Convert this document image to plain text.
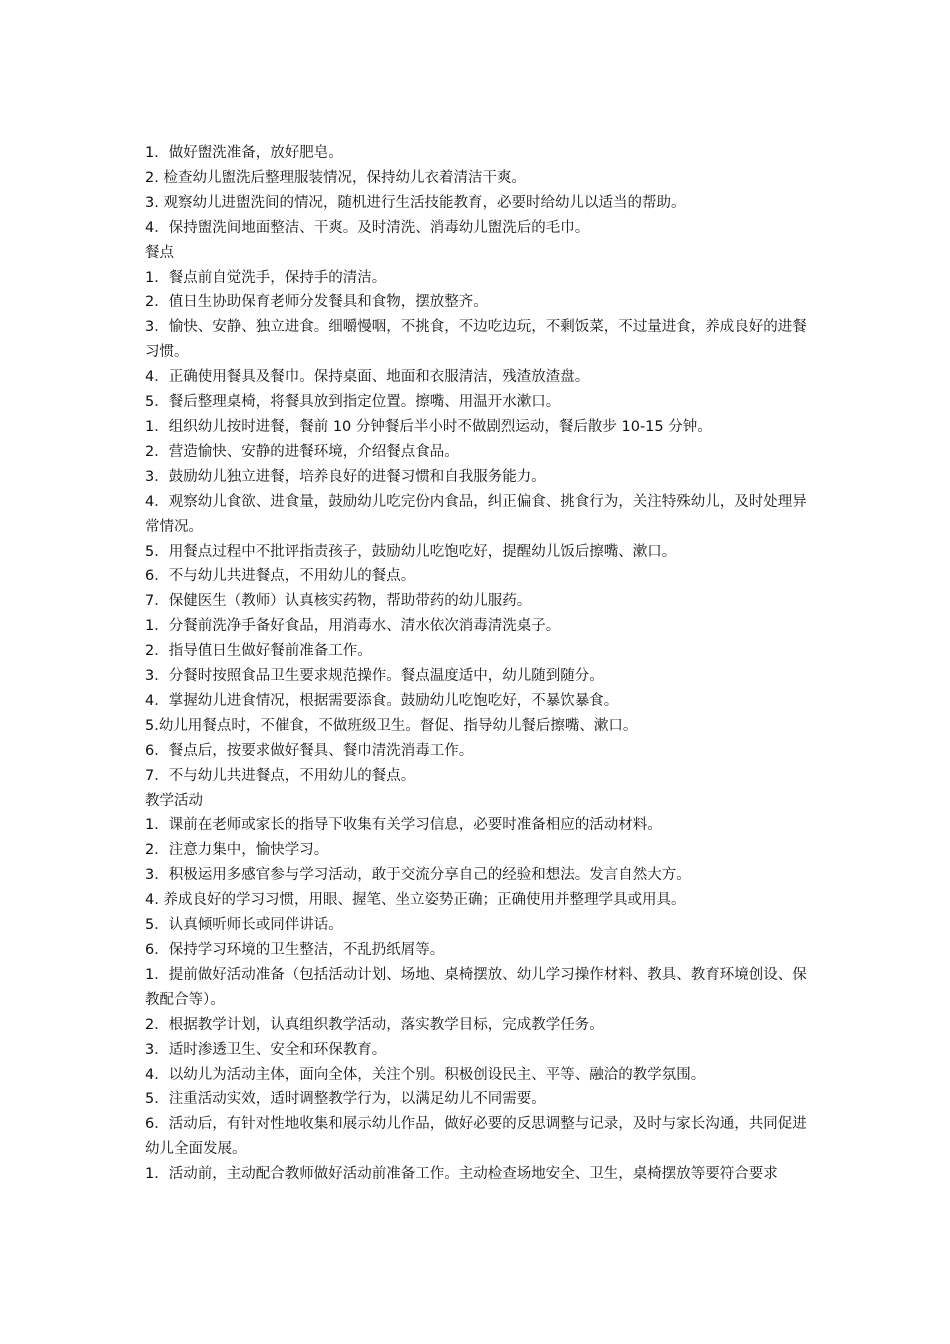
1．做好盥洗准备，放好肥皂。

2. 检查幼儿盥洗后整理服装情况，保持幼儿衣着清洁干爽。

3. 观察幼儿进盥洗间的情况，随机进行生活技能教育，必要时给幼儿以适当的帮助。

4．保持盥洗间地面整洁、干爽。及时清洗、消毒幼儿盥洗后的毛巾。

餐点

1．餐点前自觉洗手，保持手的清洁。

2．值日生协助保育老师分发餐具和食物，摆放整齐。

3．愉快、安静、独立进食。细嚼慢咽，不挑食，不边吃边玩，不剩饭菜，不过量进食，养成良好的进餐习惯。

4．正确使用餐具及餐巾。保持桌面、地面和衣服清洁，残渣放渣盘。

5．餐后整理桌椅，将餐具放到指定位置。擦嘴、用温开水漱口。

1．组织幼儿按时进餐，餐前 10 分钟餐后半小时不做剧烈运动，餐后散步 10-15 分钟。

2．营造愉快、安静的进餐环境，介绍餐点食品。

3．鼓励幼儿独立进餐，培养良好的进餐习惯和自我服务能力。

4．观察幼儿食欲、进食量，鼓励幼儿吃完份内食品，纠正偏食、挑食行为，关注特殊幼儿，及时处理异常情况。

5．用餐点过程中不批评指责孩子，鼓励幼儿吃饱吃好，提醒幼儿饭后擦嘴、漱口。

6．不与幼儿共进餐点，不用幼儿的餐点。

7．保健医生（教师）认真核实药物，帮助带药的幼儿服药。

1．分餐前洗净手备好食品，用消毒水、清水依次消毒清洗桌子。

2．指导值日生做好餐前准备工作。

3．分餐时按照食品卫生要求规范操作。餐点温度适中，幼儿随到随分。

4．掌握幼儿进食情况，根据需要添食。鼓励幼儿吃饱吃好，不暴饮暴食。

5.幼儿用餐点时，不催食，不做班级卫生。督促、指导幼儿餐后擦嘴、漱口。

6．餐点后，按要求做好餐具、餐巾清洗消毒工作。

7．不与幼儿共进餐点，不用幼儿的餐点。

教学活动

1．课前在老师或家长的指导下收集有关学习信息，必要时准备相应的活动材料。

2．注意力集中，愉快学习。

3．积极运用多感官参与学习活动，敢于交流分享自己的经验和想法。发言自然大方。

4. 养成良好的学习习惯，用眼、握笔、坐立姿势正确；正确使用并整理学具或用具。

5．认真倾听师长或同伴讲话。

6．保持学习环境的卫生整洁，不乱扔纸屑等。

1．提前做好活动准备（包括活动计划、场地、桌椅摆放、幼儿学习操作材料、教具、教育环境创设、保教配合等）。

2．根据教学计划，认真组织教学活动，落实教学目标，完成教学任务。

3．适时渗透卫生、安全和环保教育。

4．以幼儿为活动主体，面向全体，关注个别。积极创设民主、平等、融洽的教学氛围。

5．注重活动实效，适时调整教学行为，以满足幼儿不同需要。

6．活动后，有针对性地收集和展示幼儿作品，做好必要的反思调整与记录，及时与家长沟通，共同促进幼儿全面发展。

1．活动前，主动配合教师做好活动前准备工作。主动检查场地安全、卫生，桌椅摆放等要符合要求
